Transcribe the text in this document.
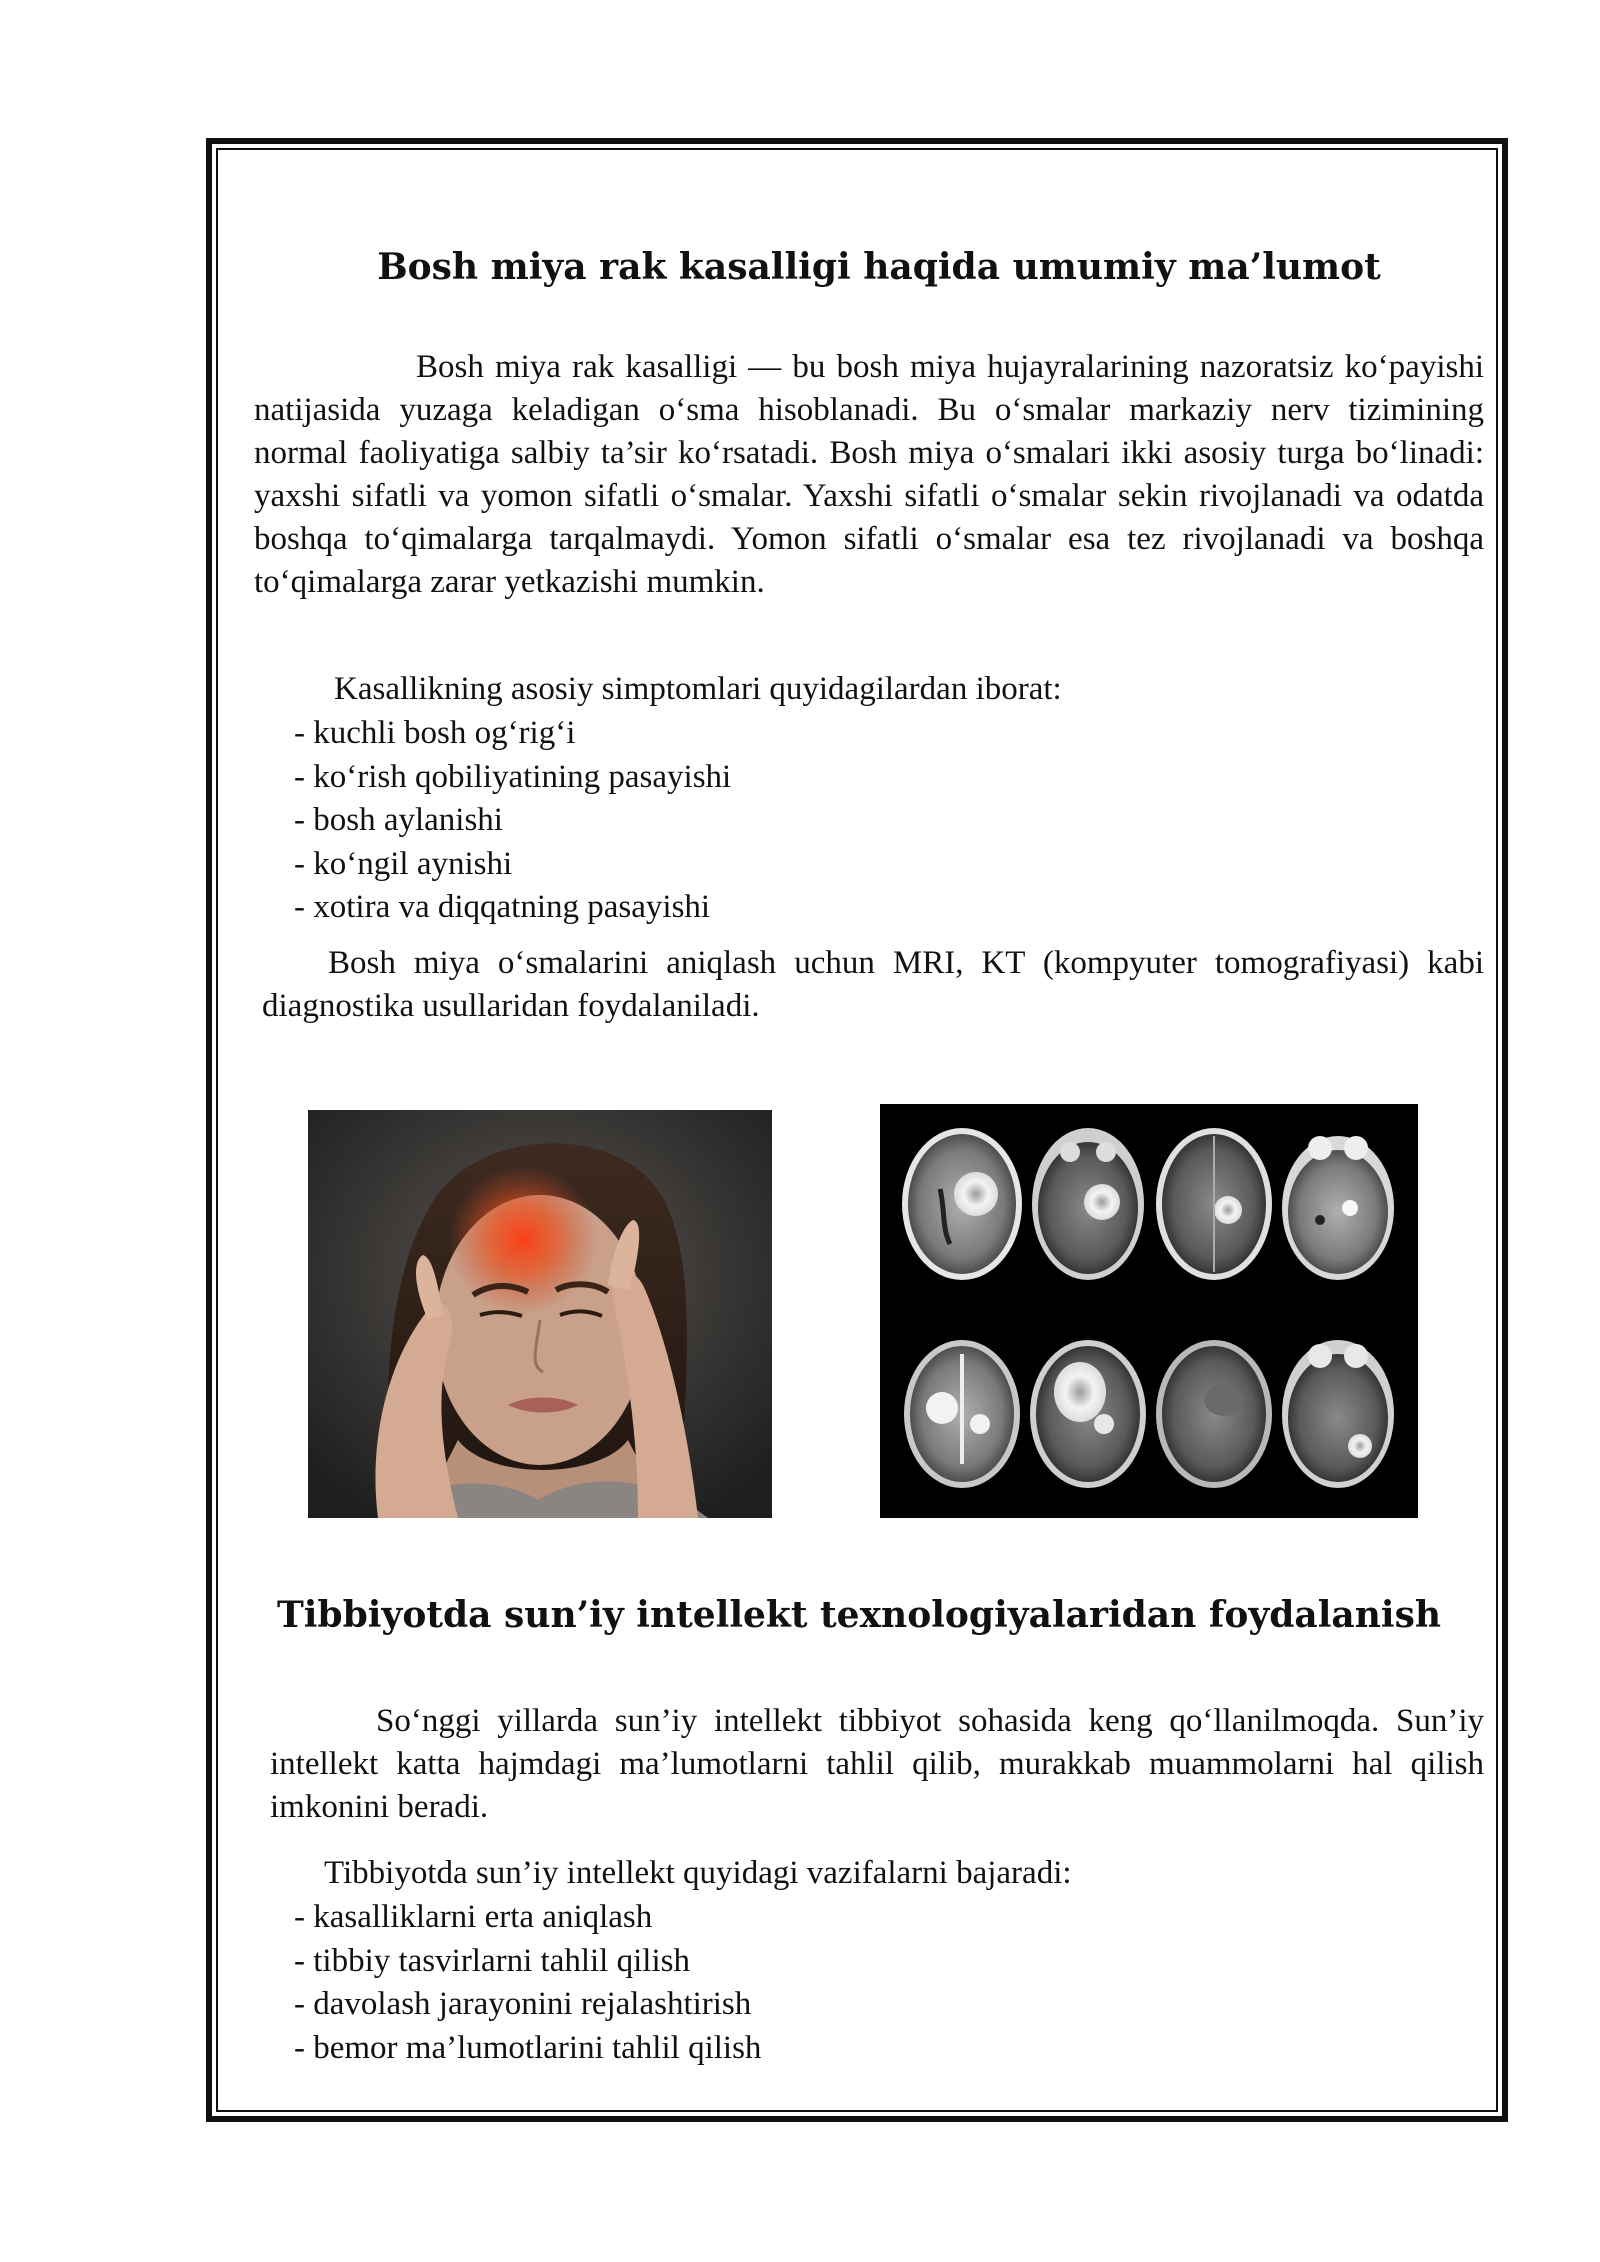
Bosh miya rak kasalligi haqida umumiy ma’lumot

Bosh miya rak kasalligi — bu bosh miya hujayralarining nazoratsiz ko‘payishi natijasida yuzaga keladigan o‘sma hisoblanadi. Bu o‘smalar markaziy nerv tizimining normal faoliyatiga salbiy ta’sir ko‘rsatadi. Bosh miya o‘smalari ikki asosiy turga bo‘linadi: yaxshi sifatli va yomon sifatli o‘smalar. Yaxshi sifatli o‘smalar sekin rivojlanadi va odatda boshqa to‘qimalarga tarqalmaydi. Yomon sifatli o‘smalar esa tez rivojlanadi va boshqa to‘qimalarga zarar yetkazishi mumkin.

Kasallikning asosiy simptomlari quyidagilardan iborat:

- kuchli bosh og‘rig‘i
- ko‘rish qobiliyatining pasayishi
- bosh aylanishi
- ko‘ngil aynishi
- xotira va diqqatning pasayishi

Bosh miya o‘smalarini aniqlash uchun MRI, KT (kompyuter tomografiyasi) kabi diagnostika usullaridan foydalaniladi.

Tibbiyotda sun’iy intellekt texnologiyalaridan foydalanish

So‘nggi yillarda sun’iy intellekt tibbiyot sohasida keng qo‘llanilmoqda. Sun’iy intellekt katta hajmdagi ma’lumotlarni tahlil qilib, murakkab muammolarni hal qilish imkonini beradi.

Tibbiyotda sun’iy intellekt quyidagi vazifalarni bajaradi:

- kasalliklarni erta aniqlash
- tibbiy tasvirlarni tahlil qilish
- davolash jarayonini rejalashtirish
- bemor ma’lumotlarini tahlil qilish
